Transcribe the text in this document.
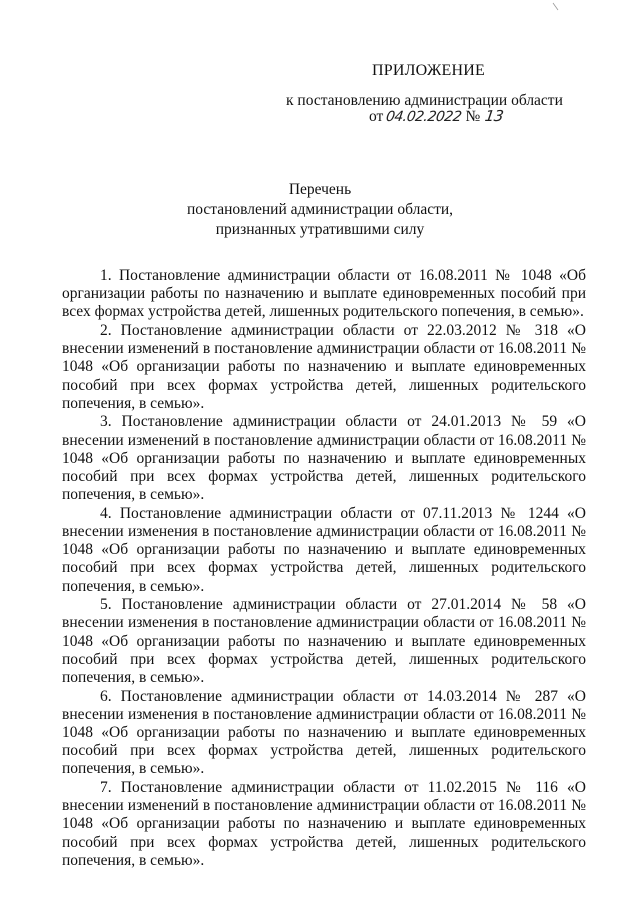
ПРИЛОЖЕНИЕ
к постановлению администрации области
от 04.02.2022 № 13
Перечень
постановлений администрации области,
признанных утратившими силу

1. Постановление администрации области от 16.08.2011 № 1048 «Об организации работы по назначению и выплате единовременных пособий при всех формах устройства детей, лишенных родительского попечения, в семью».

2. Постановление администрации области от 22.03.2012 № 318 «О внесении изменений в постановление администрации области от 16.08.2011 № 1048 «Об организации работы по назначению и выплате единовременных пособий при всех формах устройства детей, лишенных родительского попечения, в семью».

3. Постановление администрации области от 24.01.2013 № 59 «О внесении изменений в постановление администрации области от 16.08.2011 № 1048 «Об организации работы по назначению и выплате единовременных пособий при всех формах устройства детей, лишенных родительского попечения, в семью».

4. Постановление администрации области от 07.11.2013 № 1244 «О внесении изменения в постановление администрации области от 16.08.2011 № 1048 «Об организации работы по назначению и выплате единовременных пособий при всех формах устройства детей, лишенных родительского попечения, в семью».

5. Постановление администрации области от 27.01.2014 № 58 «О внесении изменения в постановление администрации области от 16.08.2011 № 1048 «Об организации работы по назначению и выплате единовременных пособий при всех формах устройства детей, лишенных родительского попечения, в семью».

6. Постановление администрации области от 14.03.2014 № 287 «О внесении изменения в постановление администрации области от 16.08.2011 № 1048 «Об организации работы по назначению и выплате единовременных пособий при всех формах устройства детей, лишенных родительского попечения, в семью».

7. Постановление администрации области от 11.02.2015 № 116 «О внесении изменений в постановление администрации области от 16.08.2011 № 1048 «Об организации работы по назначению и выплате единовременных пособий при всех формах устройства детей, лишенных родительского попечения, в семью».
